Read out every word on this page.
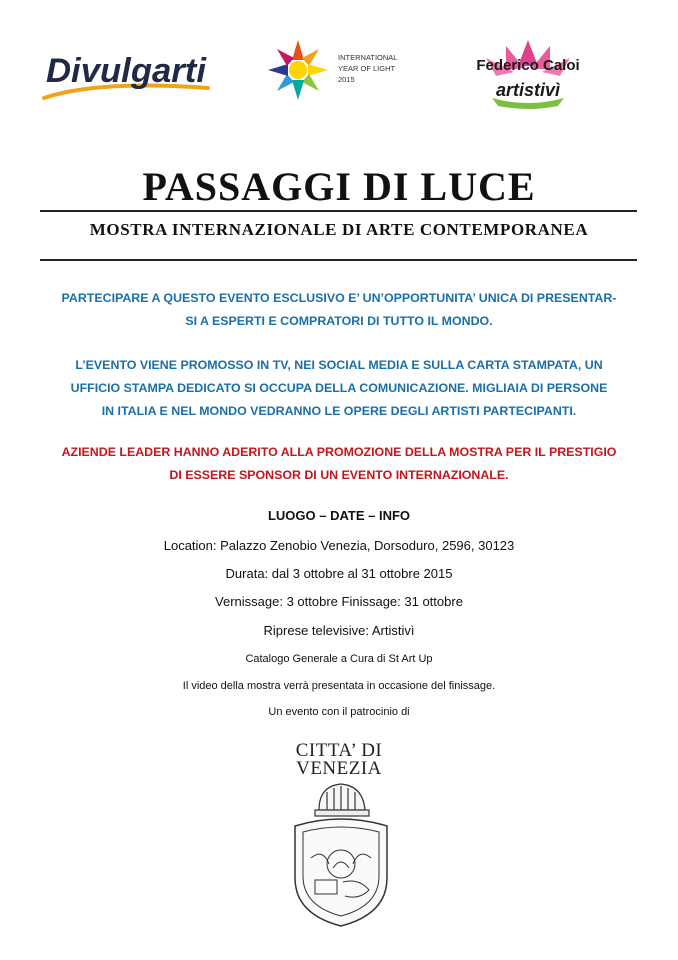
Divulgarti	INTERNATIONAL
YEAR OF LIGHT
2015
Federico Caloi
artistivì
PASSAGGI DI LUCE
MOSTRA INTERNAZIONALE DI ARTE CONTEMPORANEA
PARTECIPARE A QUESTO EVENTO ESCLUSIVO E’ UN’OPPORTUNITA’ UNICA DI PRESENTAR-
SI A ESPERTI E COMPRATORI DI TUTTO IL MONDO.
L’EVENTO VIENE PROMOSSO IN TV, NEI SOCIAL MEDIA E SULLA CARTA STAMPATA, UN
UFFICIO STAMPA DEDICATO SI OCCUPA DELLA COMUNICAZIONE. MIGLIAIA DI PERSONE
IN ITALIA E NEL MONDO VEDRANNO LE OPERE DEGLI ARTISTI PARTECIPANTI.
AZIENDE LEADER HANNO ADERITO ALLA PROMOZIONE DELLA MOSTRA PER IL PRESTIGIO
DI ESSERE SPONSOR DI UN EVENTO INTERNAZIONALE.
LUOGO – DATE – INFO
Location: Palazzo Zenobio Venezia, Dorsoduro, 2596, 30123
Durata: dal 3 ottobre al 31 ottobre 2015
Vernissage: 3 ottobre Finissage: 31 ottobre
Riprese televisive: Artistivì
Catalogo Generale a Cura di St Art Up
Il video della mostra verrà presentata in occasione del finissage.
Un evento con il patrocinio di
CITTA’ DI
VENEZIA
